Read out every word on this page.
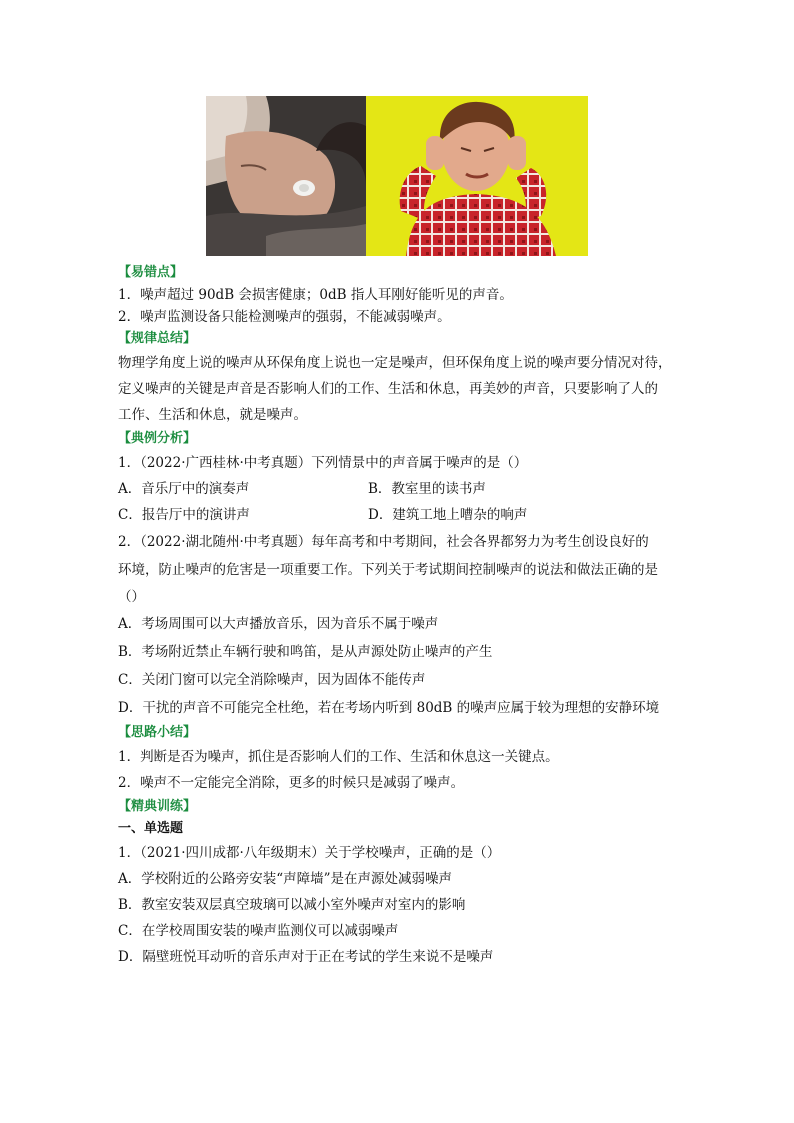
【易错点】
1．噪声超过 90dB 会损害健康；0dB 指人耳刚好能听见的声音。
2．噪声监测设备只能检测噪声的强弱，不能减弱噪声。
【规律总结】
物理学角度上说的噪声从环保角度上说也一定是噪声，但环保角度上说的噪声要分情况对待，
定义噪声的关键是声音是否影响人们的工作、生活和休息，再美妙的声音，只要影响了人的
工作、生活和休息，就是噪声。
【典例分析】
1．（2022·广西桂林·中考真题）下列情景中的声音属于噪声的是（）
A．音乐厅中的演奏声	B．教室里的读书声
C．报告厅中的演讲声	D．建筑工地上嘈杂的响声
2．（2022·湖北随州·中考真题）每年高考和中考期间，社会各界都努力为考生创设良好的
环境，防止噪声的危害是一项重要工作。下列关于考试期间控制噪声的说法和做法正确的是
（）
A．考场周围可以大声播放音乐，因为音乐不属于噪声
B．考场附近禁止车辆行驶和鸣笛，是从声源处防止噪声的产生
C．关闭门窗可以完全消除噪声，因为固体不能传声
D．干扰的声音不可能完全杜绝，若在考场内听到 80dB 的噪声应属于较为理想的安静环境
【思路小结】
1．判断是否为噪声，抓住是否影响人们的工作、生活和休息这一关键点。
2．噪声不一定能完全消除，更多的时候只是减弱了噪声。
【精典训练】
一、单选题
1．（2021·四川成都·八年级期末）关于学校噪声，正确的是（）
A．学校附近的公路旁安装“声障墙”是在声源处减弱噪声
B．教室安装双层真空玻璃可以减小室外噪声对室内的影响
C．在学校周围安装的噪声监测仪可以减弱噪声
D．隔壁班悦耳动听的音乐声对于正在考试的学生来说不是噪声
